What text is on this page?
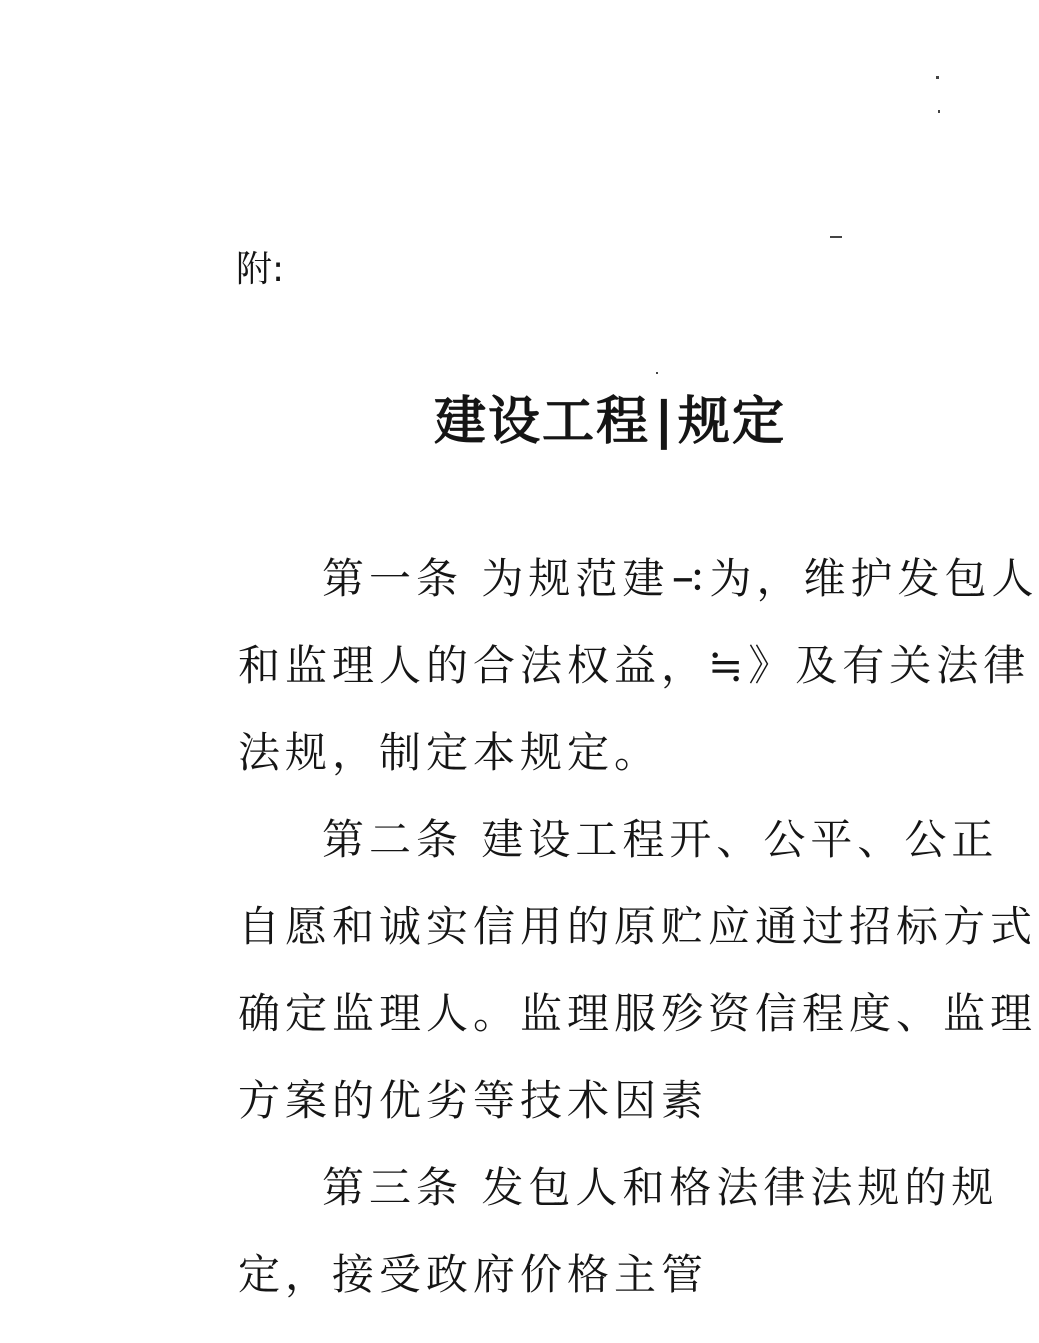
附:
建设工程∣规定
第一条 为规范建∹为，维护发包人
和监理人的合法权益，≒》及有关法律
法规，制定本规定。
第二条 建设工程开、公平、公正
自愿和诚实信用的原贮应通过招标方式
确定监理人。监理服殄资信程度、监理
方案的优劣等技术因素
第三条 发包人和格法律法规的规
定，接受政府价格主管
